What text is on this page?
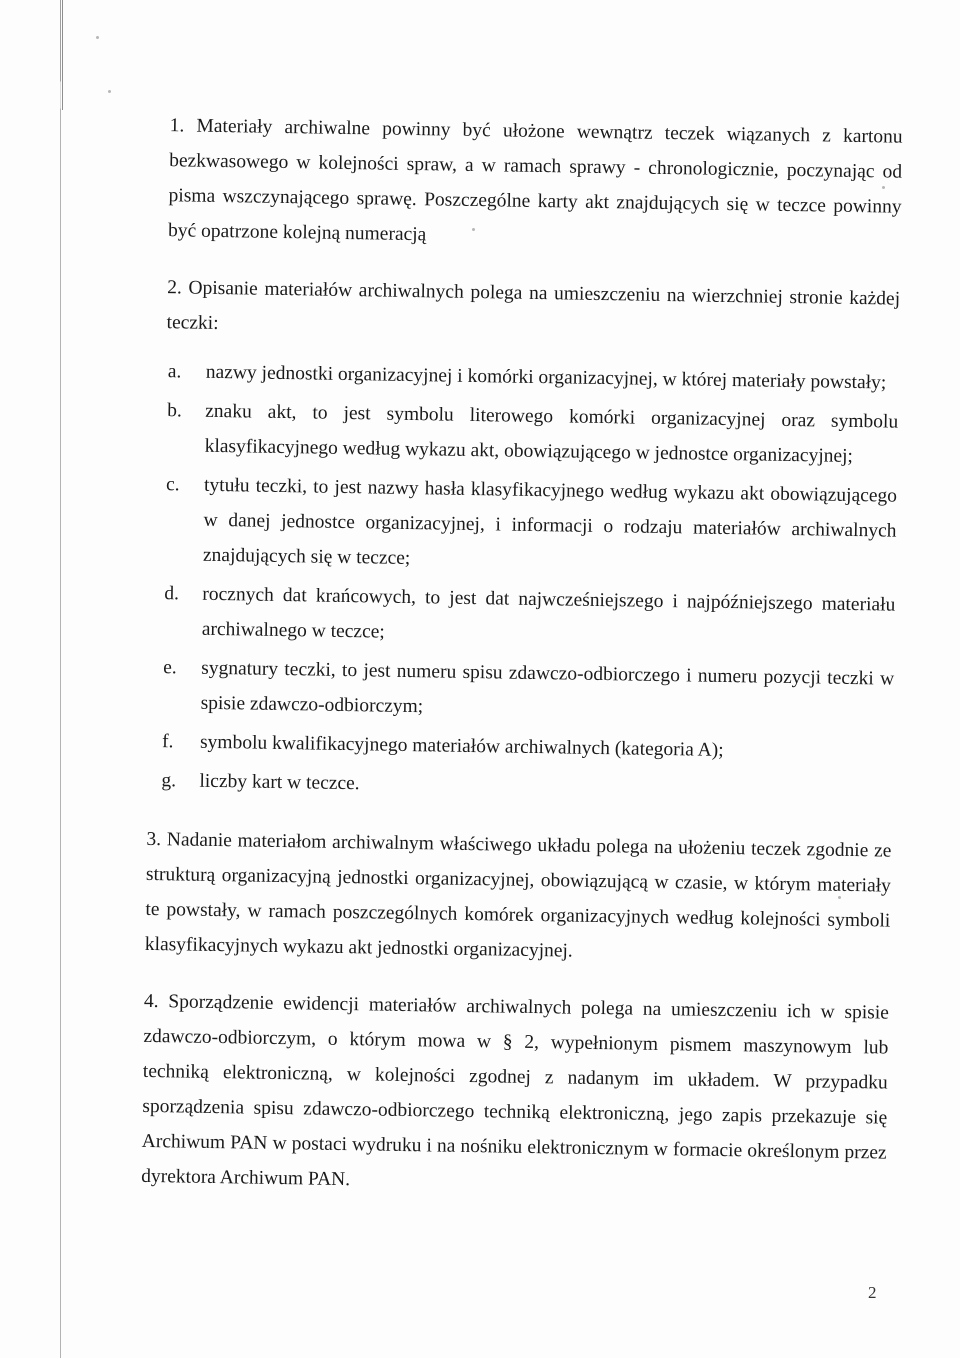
1. Materiały archiwalne powinny być ułożone wewnątrz teczek wiązanych z kartonu bezkwasowego w kolejności spraw, a w ramach sprawy - chronologicznie, poczynając od pisma wszczynającego sprawę. Poszczególne karty akt znajdujących się w teczce powinny być opatrzone kolejną numeracją

2. Opisanie materiałów archiwalnych polega na umieszczeniu na wierzchniej stronie każdej teczki:

a. nazwy jednostki organizacyjnej i komórki organizacyjnej, w której materiały powstały;
b. znaku akt, to jest symbolu literowego komórki organizacyjnej oraz symbolu klasyfikacyjnego według wykazu akt, obowiązującego w jednostce organizacyjnej;
c. tytułu teczki, to jest nazwy hasła klasyfikacyjnego według wykazu akt obowiązującego w danej jednostce organizacyjnej, i informacji o rodzaju materiałów archiwalnych znajdujących się w teczce;
d. rocznych dat krańcowych, to jest dat najwcześniejszego i najpóźniejszego materiału archiwalnego w teczce;
e. sygnatury teczki, to jest numeru spisu zdawczo-odbiorczego i numeru pozycji teczki w spisie zdawczo-odbiorczym;
f. symbolu kwalifikacyjnego materiałów archiwalnych (kategoria A);
g. liczby kart w teczce.

3. Nadanie materiałom archiwalnym właściwego układu polega na ułożeniu teczek zgodnie ze strukturą organizacyjną jednostki organizacyjnej, obowiązującą w czasie, w którym materiały te powstały, w ramach poszczególnych komórek organizacyjnych według kolejności symboli klasyfikacyjnych wykazu akt jednostki organizacyjnej.

4. Sporządzenie ewidencji materiałów archiwalnych polega na umieszczeniu ich w spisie zdawczo-odbiorczym, o którym mowa w § 2, wypełnionym pismem maszynowym lub techniką elektroniczną, w kolejności zgodnej z nadanym im układem. W przypadku sporządzenia spisu zdawczo-odbiorczego techniką elektroniczną, jego zapis przekazuje się Archiwum PAN w postaci wydruku i na nośniku elektronicznym w formacie określonym przez dyrektora Archiwum PAN.

2
